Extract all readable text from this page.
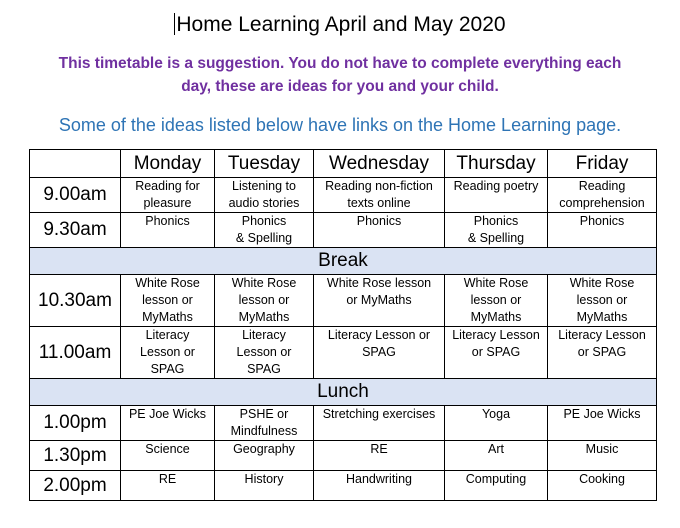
Home Learning April and May 2020
This timetable is a suggestion. You do not have to complete everything each
day, these are ideas for you and your child.
Some of the ideas listed below have links on the Home Learning page.
	Monday	Tuesday	Wednesday	Thursday	Friday
9.00am	Reading for
pleasure	Listening to
audio stories	Reading non-fiction
texts online	Reading poetry	Reading
comprehension

9.30am	Phonics	Phonics
& Spelling	Phonics	Phonics
& Spelling	Phonics

Break					
10.30am	White Rose
lesson or
MyMaths	White Rose
lesson or
MyMaths	White Rose lesson
or MyMaths	White Rose
lesson or
MyMaths	White Rose
lesson or
MyMaths

11.00am	Literacy
Lesson or
SPAG	Literacy
Lesson or
SPAG	Literacy Lesson or
SPAG	Literacy Lesson
or SPAG	Literacy Lesson
or SPAG

Lunch					
1.00pm	PE Joe Wicks	PSHE or
Mindfulness	Stretching exercises	Yoga	PE Joe Wicks

1.30pm	Science	Geography	RE	Art	Music

2.00pm	RE	History	Handwriting	Computing	Cooking
